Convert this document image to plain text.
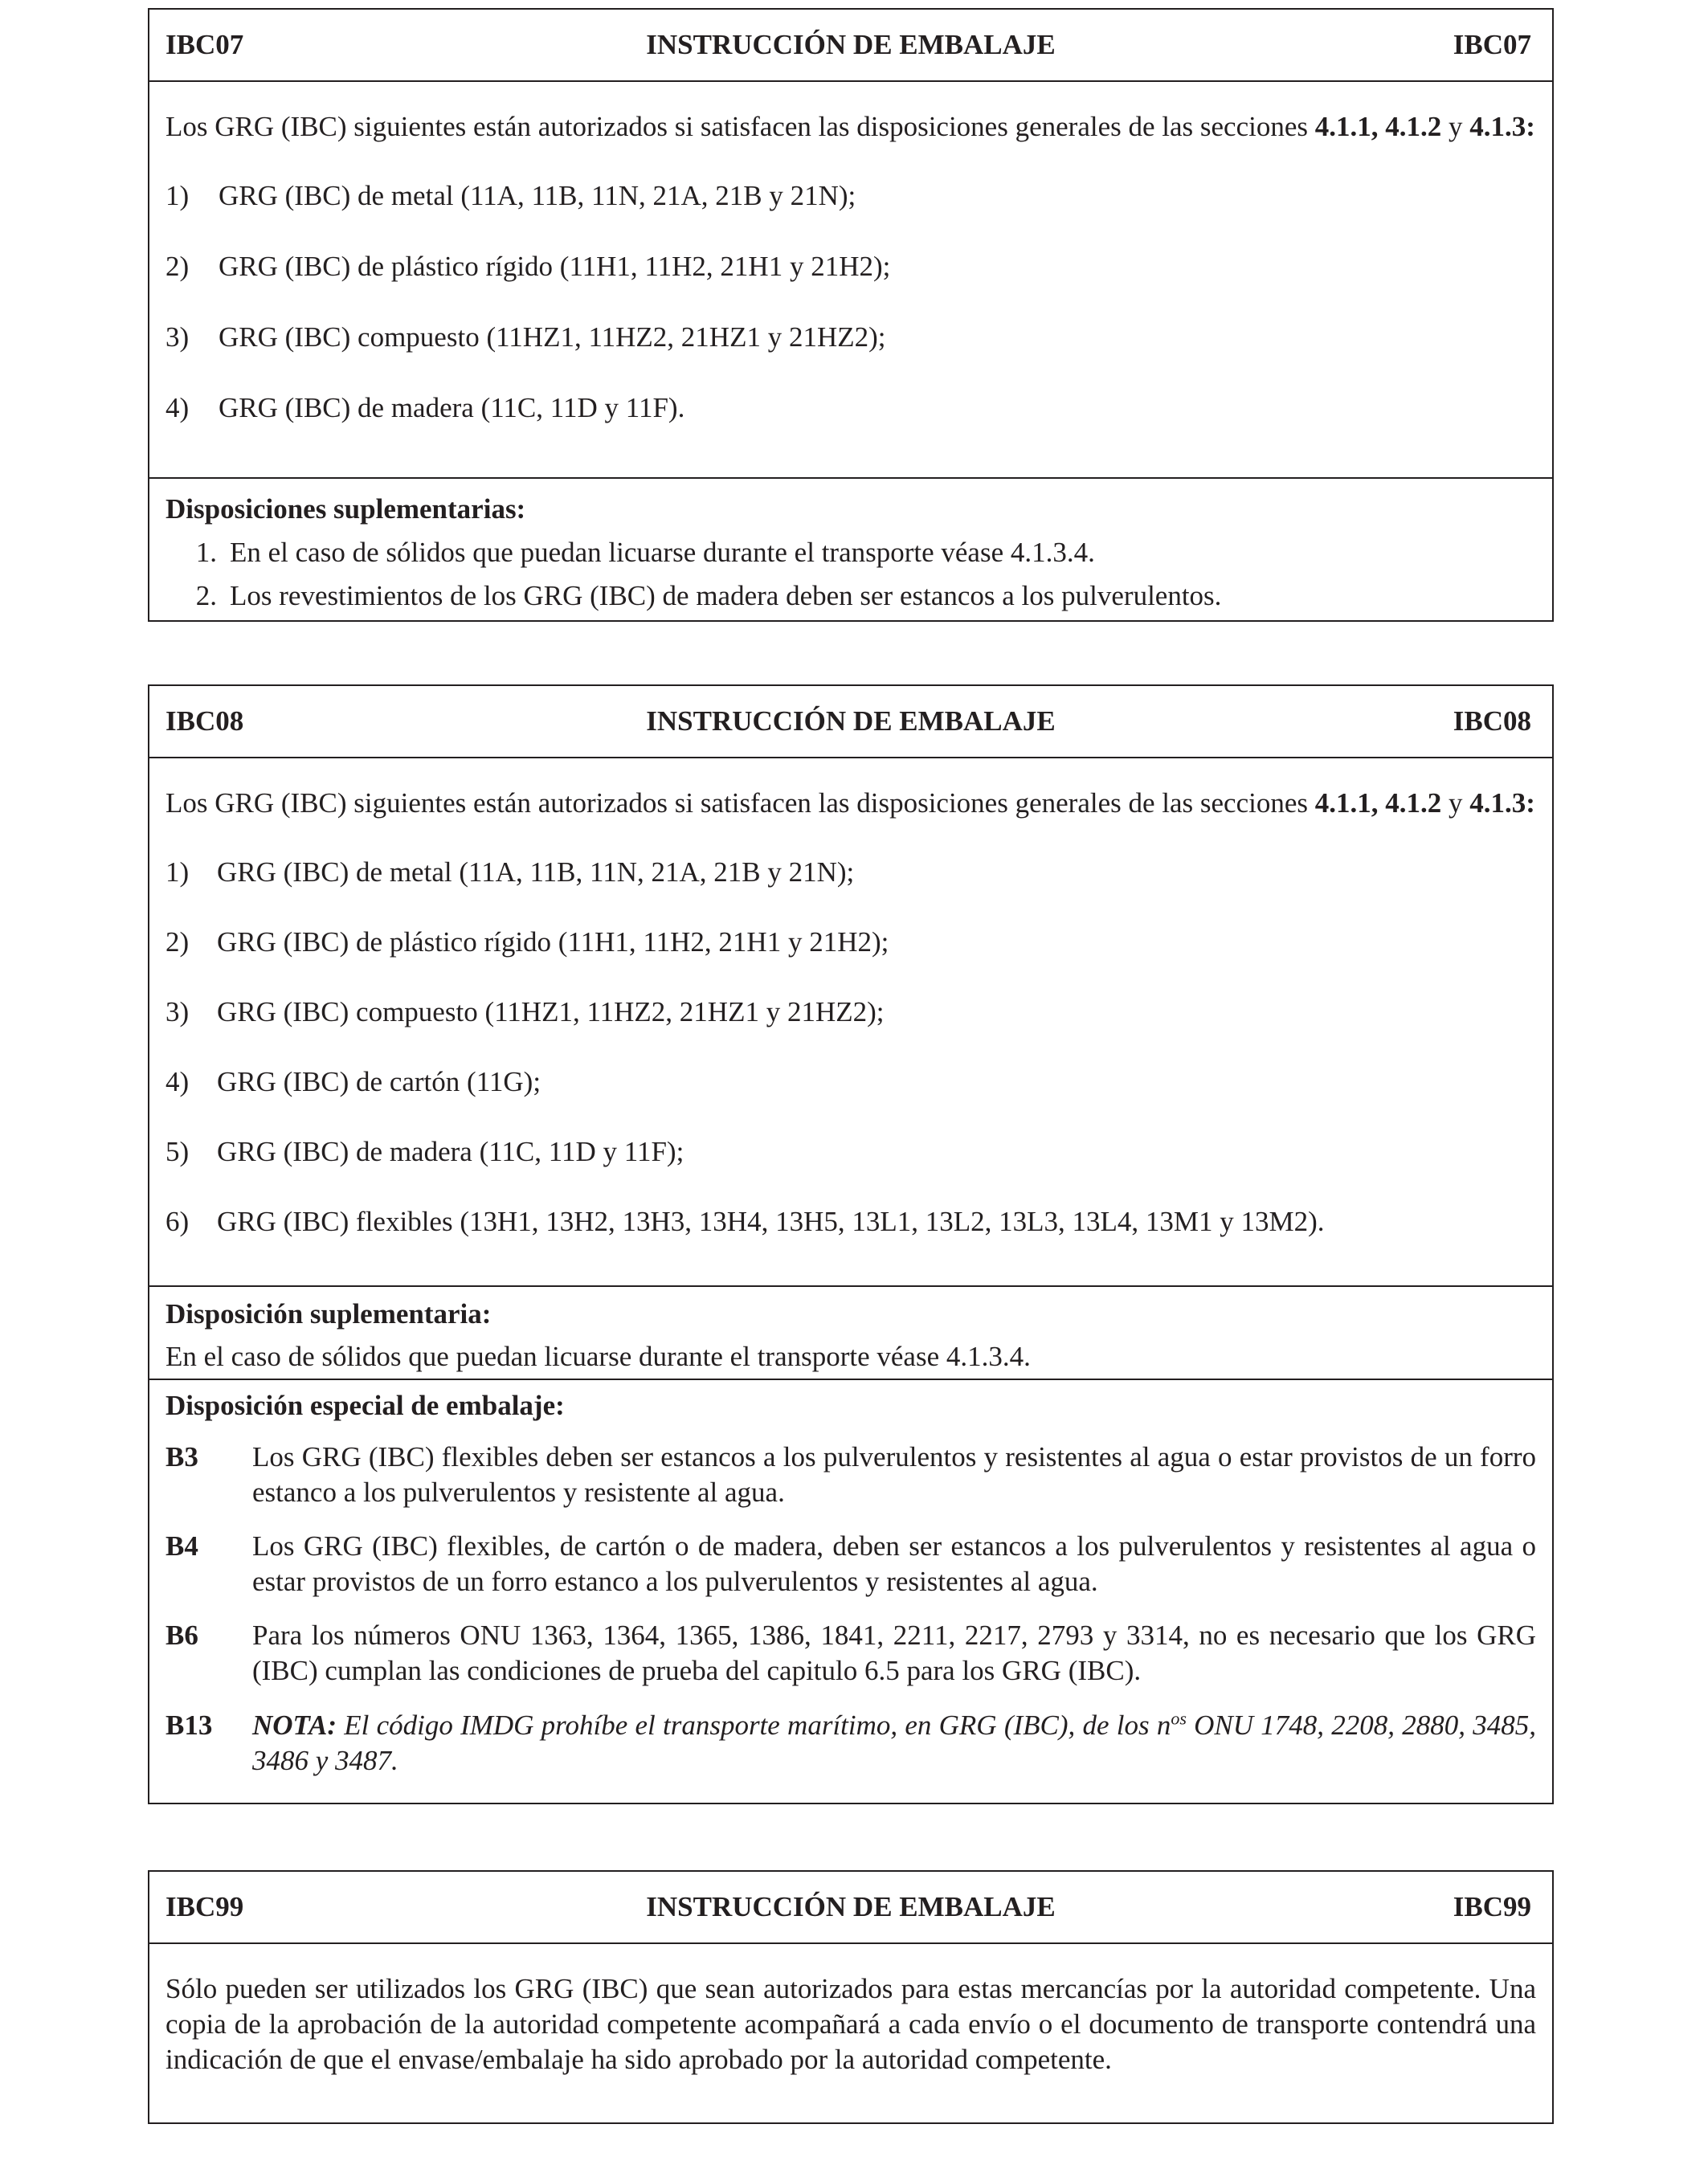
IBC07	INSTRUCCIÓN DE EMBALAJE	IBC07

Los GRG (IBC) siguientes están autorizados si satisfacen las disposiciones generales de las secciones 4.1.1, 4.1.2 y 4.1.3:

1)	GRG (IBC) de metal (11A, 11B, 11N, 21A, 21B y 21N);
2)	GRG (IBC) de plástico rígido (11H1, 11H2, 21H1 y 21H2);
3)	GRG (IBC) compuesto (11HZ1, 11HZ2, 21HZ1 y 21HZ2);
4)	GRG (IBC) de madera (11C, 11D y 11F).
Disposiciones suplementarias:
1. En el caso de sólidos que puedan licuarse durante el transporte véase 4.1.3.4.
2. Los revestimientos de los GRG (IBC) de madera deben ser estancos a los pulverulentos.
IBC08	INSTRUCCIÓN DE EMBALAJE	IBC08

Los GRG (IBC) siguientes están autorizados si satisfacen las disposiciones generales de las secciones 4.1.1, 4.1.2 y 4.1.3:

1) GRG (IBC) de metal (11A, 11B, 11N, 21A, 21B y 21N);
2) GRG (IBC) de plástico rígido (11H1, 11H2, 21H1 y 21H2);
3) GRG (IBC) compuesto (11HZ1, 11HZ2, 21HZ1 y 21HZ2);
4) GRG (IBC) de cartón (11G);
5) GRG (IBC) de madera (11C, 11D y 11F);
6) GRG (IBC) flexibles (13H1, 13H2, 13H3, 13H4, 13H5, 13L1, 13L2, 13L3, 13L4, 13M1 y 13M2).
Disposición suplementaria:
En el caso de sólidos que puedan licuarse durante el transporte véase 4.1.3.4.
Disposición especial de embalaje:
B3	Los GRG (IBC) flexibles deben ser estancos a los pulverulentos y resistentes al agua o estar provistos de un forro estanco a los pulverulentos y resistente al agua.
B4	Los GRG (IBC) flexibles, de cartón o de madera, deben ser estancos a los pulverulentos y resistentes al agua o estar provistos de un forro estanco a los pulverulentos y resistentes al agua.
B6	Para los números ONU 1363, 1364, 1365, 1386, 1841, 2211, 2217, 2793 y 3314, no es necesario que los GRG (IBC) cumplan las condiciones de prueba del capitulo 6.5 para los GRG (IBC).
B13	NOTA: El código IMDG prohíbe el transporte marítimo, en GRG (IBC), de los $n^{os}$ ONU 1748, 2208, 2880, 3485, 3486 y 3487.
IBC99	INSTRUCCIÓN DE EMBALAJE	IBC99

Sólo pueden ser utilizados los GRG (IBC) que sean autorizados para estas mercancías por la autoridad competente. Una copia de la aprobación de la autoridad competente acompañará a cada envío o el documento de transporte contendrá una indicación de que el envase/embalaje ha sido aprobado por la autoridad competente.
